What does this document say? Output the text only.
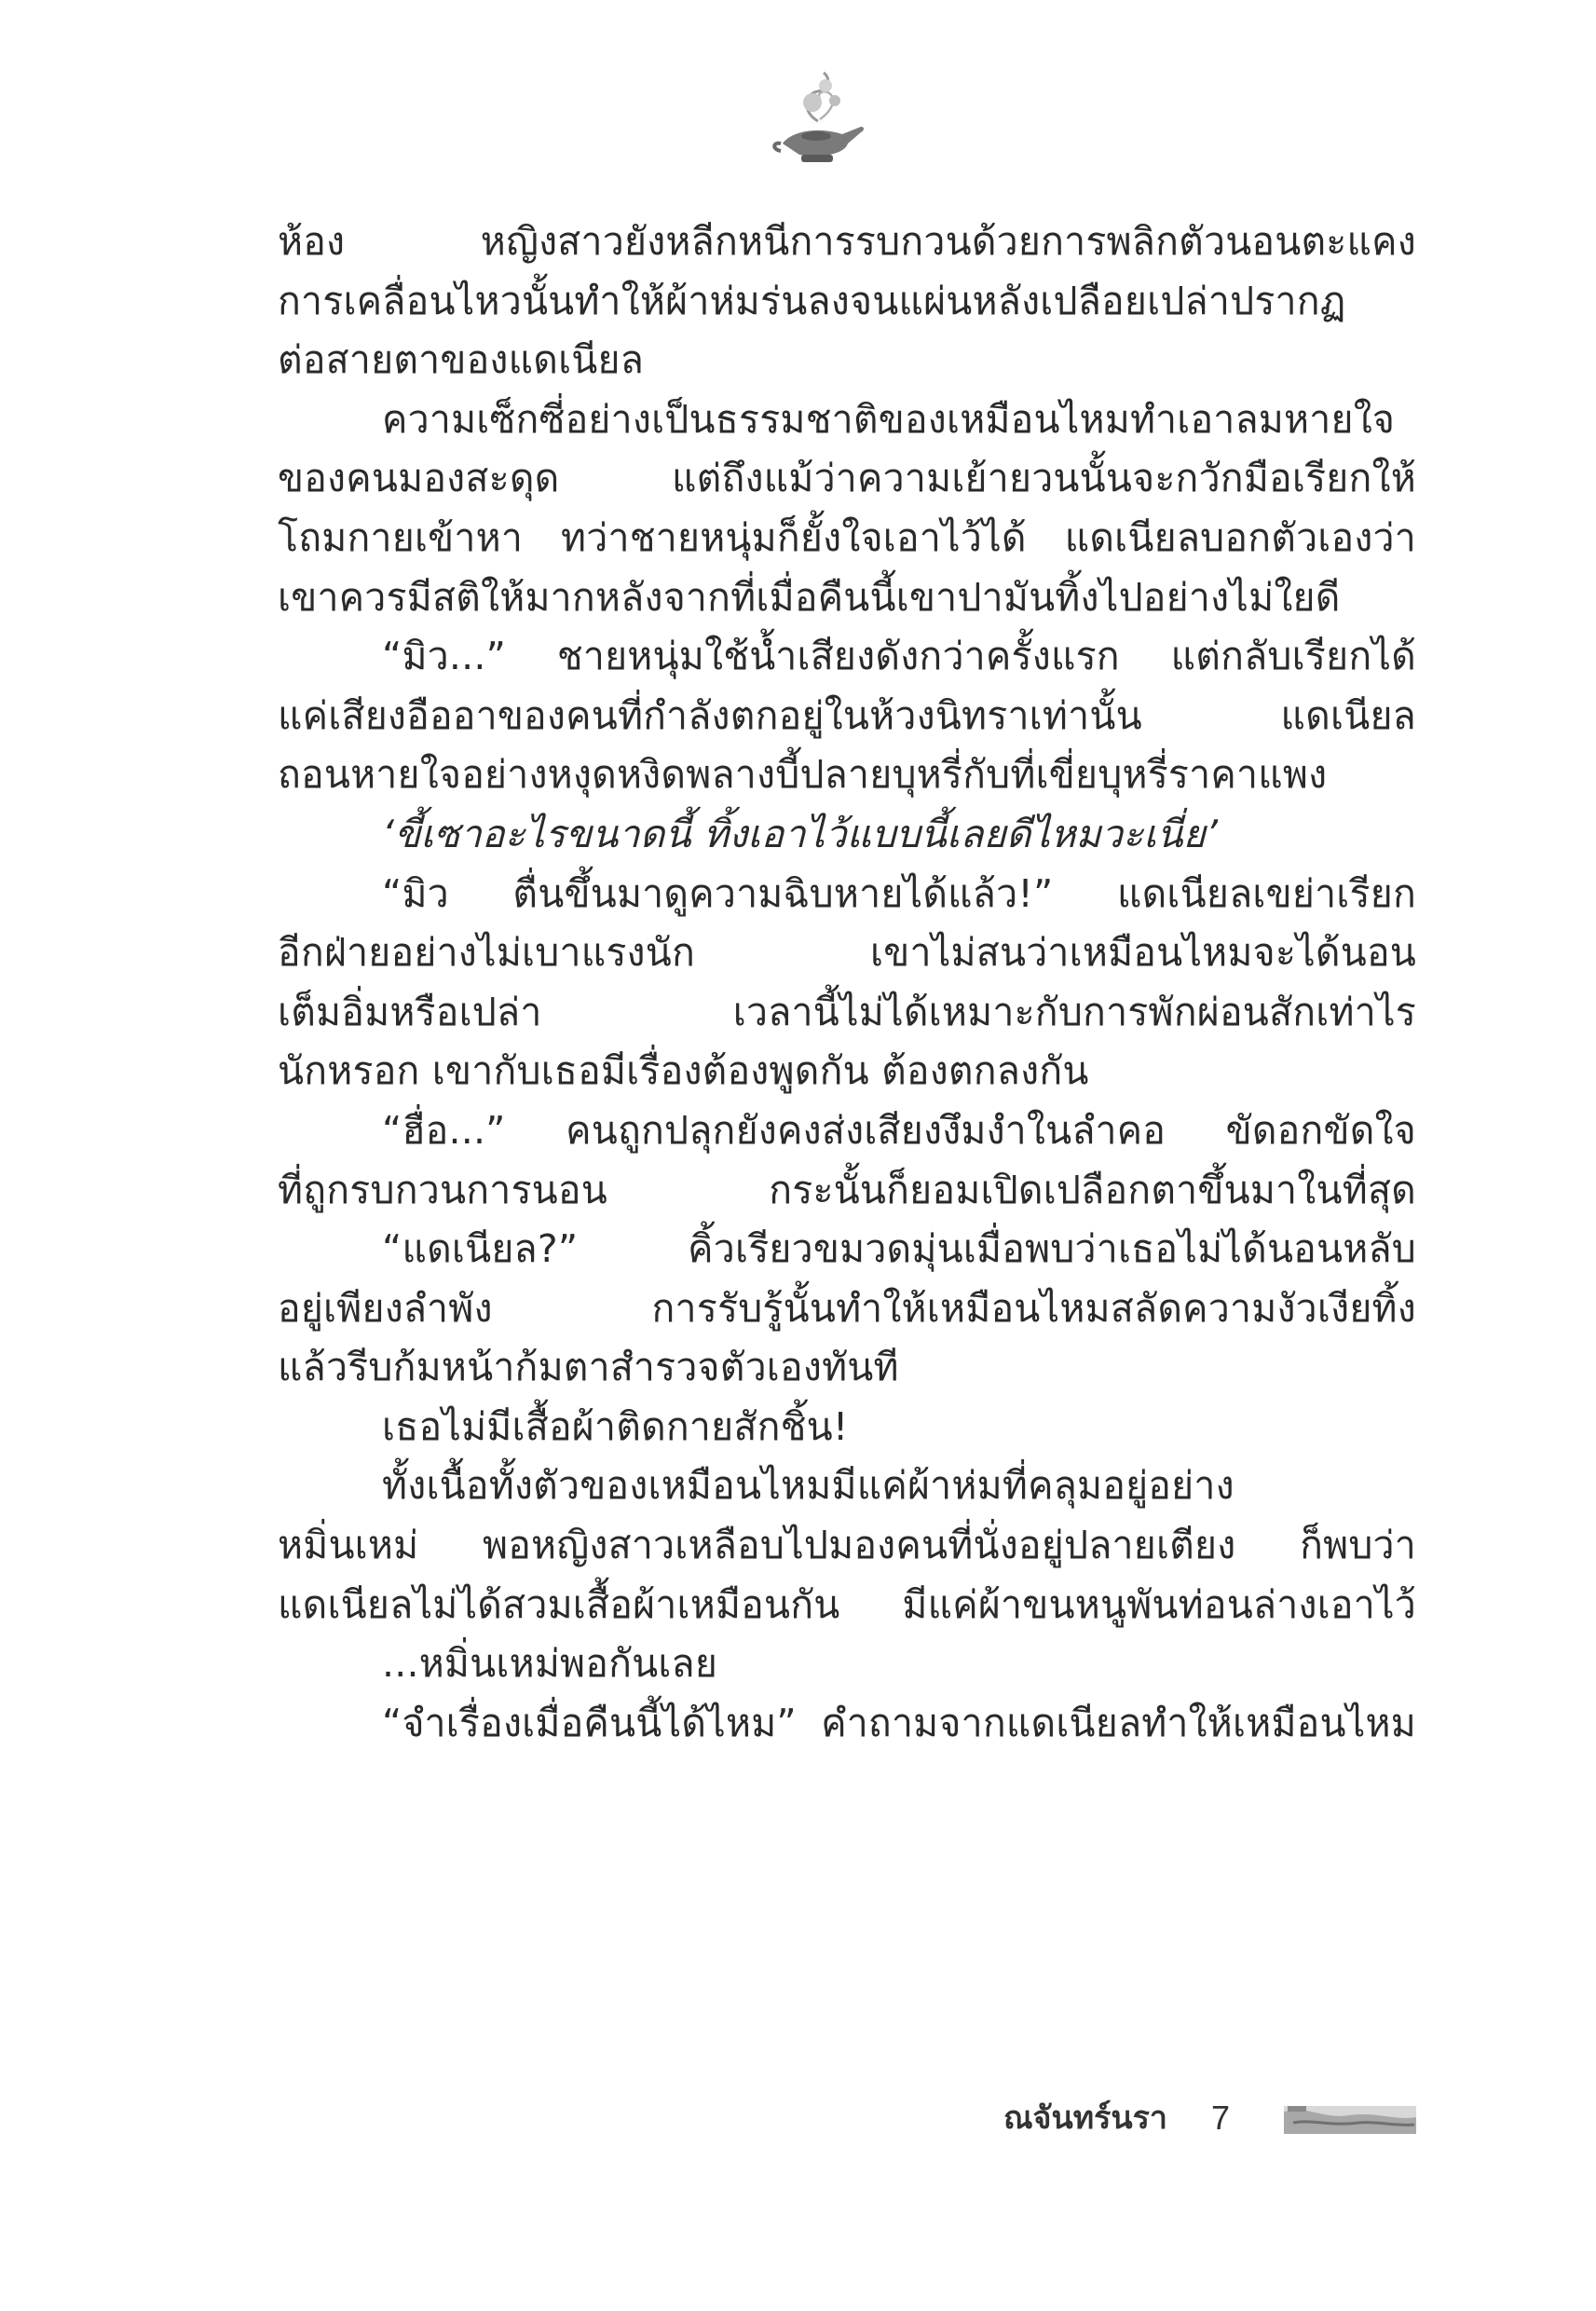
ห้อง หญิงสาวยังหลีกหนีการรบกวนด้วยการพลิกตัวนอนตะแคง
การเคลื่อนไหวนั้นทำให้ผ้าห่มร่นลงจนแผ่นหลังเปลือยเปล่าปรากฏ
ต่อสายตาของแดเนียล
ความเซ็กซี่อย่างเป็นธรรมชาติของเหมือนไหมทำเอาลมหายใจ
ของคนมองสะดุด แต่ถึงแม้ว่าความเย้ายวนนั้นจะกวักมือเรียกให้
โถมกายเข้าหา ทว่าชายหนุ่มก็ยั้งใจเอาไว้ได้ แดเนียลบอกตัวเองว่า
เขาควรมีสติให้มากหลังจากที่เมื่อคืนนี้เขาปามันทิ้งไปอย่างไม่ใยดี
“มิว...” ชายหนุ่มใช้น้ำเสียงดังกว่าครั้งแรก แต่กลับเรียกได้
แค่เสียงอืออาของคนที่กำลังตกอยู่ในห้วงนิทราเท่านั้น แดเนียล
ถอนหายใจอย่างหงุดหงิดพลางบี้ปลายบุหรี่กับที่เขี่ยบุหรี่ราคาแพง
‘ขี้เซาอะไรขนาดนี้ ทิ้งเอาไว้แบบนี้เลยดีไหมวะเนี่ย’
“มิว ตื่นขึ้นมาดูความฉิบหายได้แล้ว!” แดเนียลเขย่าเรียก
อีกฝ่ายอย่างไม่เบาแรงนัก เขาไม่สนว่าเหมือนไหมจะได้นอน
เต็มอิ่มหรือเปล่า เวลานี้ไม่ได้เหมาะกับการพักผ่อนสักเท่าไร
นักหรอก เขากับเธอมีเรื่องต้องพูดกัน ต้องตกลงกัน
“ฮื่อ...” คนถูกปลุกยังคงส่งเสียงงึมงำในลำคอ ขัดอกขัดใจ
ที่ถูกรบกวนการนอน กระนั้นก็ยอมเปิดเปลือกตาขึ้นมาในที่สุด
“แดเนียล?” คิ้วเรียวขมวดมุ่นเมื่อพบว่าเธอไม่ได้นอนหลับ
อยู่เพียงลำพัง การรับรู้นั้นทำให้เหมือนไหมสลัดความงัวเงียทิ้ง
แล้วรีบก้มหน้าก้มตาสำรวจตัวเองทันที
เธอไม่มีเสื้อผ้าติดกายสักชิ้น!
ทั้งเนื้อทั้งตัวของเหมือนไหมมีแค่ผ้าห่มที่คลุมอยู่อย่าง
หมิ่นเหม่ พอหญิงสาวเหลือบไปมองคนที่นั่งอยู่ปลายเตียง ก็พบว่า
แดเนียลไม่ได้สวมเสื้อผ้าเหมือนกัน มีแค่ผ้าขนหนูพันท่อนล่างเอาไว้
...หมิ่นเหม่พอกันเลย
“จำเรื่องเมื่อคืนนี้ได้ไหม” คำถามจากแดเนียลทำให้เหมือนไหม
ณจันทร์นรา 7
